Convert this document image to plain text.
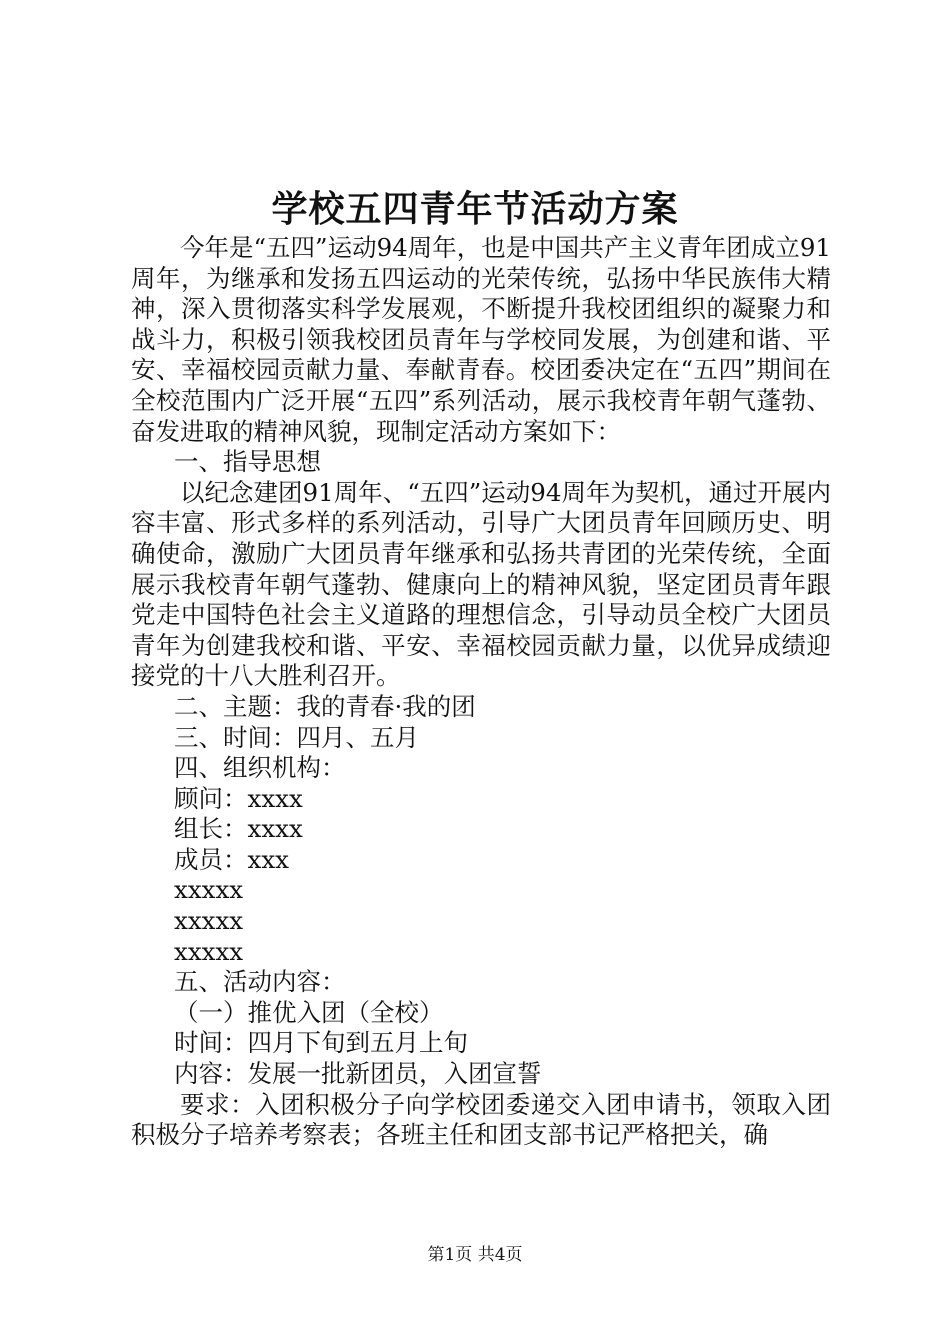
学校五四青年节活动方案

今年是“五四”运动94周年，也是中国共产主义青年团成立91周年，为继承和发扬五四运动的光荣传统，弘扬中华民族伟大精神，深入贯彻落实科学发展观，不断提升我校团组织的凝聚力和战斗力，积极引领我校团员青年与学校同发展，为创建和谐、平安、幸福校园贡献力量、奉献青春。校团委决定在“五四”期间在全校范围内广泛开展“五四”系列活动，展示我校青年朝气蓬勃、奋发进取的精神风貌，现制定活动方案如下：

一、指导思想

以纪念建团91周年、“五四”运动94周年为契机，通过开展内容丰富、形式多样的系列活动，引导广大团员青年回顾历史、明确使命，激励广大团员青年继承和弘扬共青团的光荣传统，全面展示我校青年朝气蓬勃、健康向上的精神风貌，坚定团员青年跟党走中国特色社会主义道路的理想信念，引导动员全校广大团员青年为创建我校和谐、平安、幸福校园贡献力量，以优异成绩迎接党的十八大胜利召开。

二、主题：我的青春·我的团

三、时间：四月、五月

四、组织机构：

顾问：xxxx

组长：xxxx

成员：xxx

xxxxx

xxxxx

xxxxx

五、活动内容：

（一）推优入团（全校）

时间：四月下旬到五月上旬

内容：发展一批新团员，入团宣誓

要求：入团积极分子向学校团委递交入团申请书，领取入团积极分子培养考察表；各班主任和团支部书记严格把关，确

第1页 共4页
